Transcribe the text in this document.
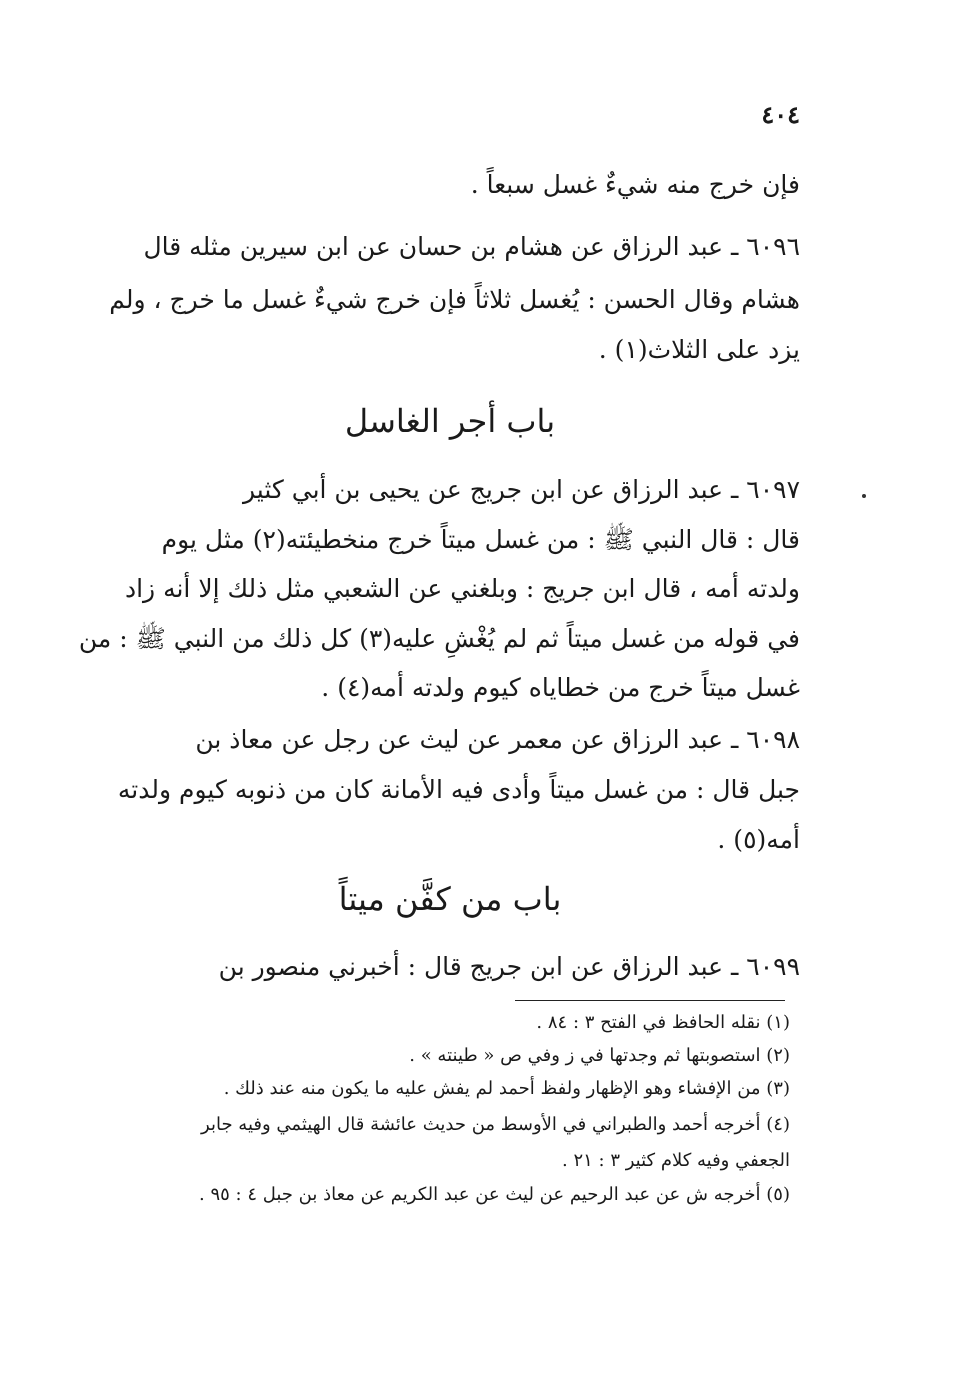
٤٠٤
فإن خرج منه شيءٌ غسل سبعاً .
٦٠٩٦ ـ عبد الرزاق عن هشام بن حسان عن ابن سيرين مثله قال
هشام وقال الحسن : يُغسل ثلاثاً فإن خرج شيءٌ غسل ما خرج ، ولم
يزد على الثلاث(١) .
باب أجر الغاسل
٦٠٩٧ ـ عبد الرزاق عن ابن جريج عن يحيى بن أبي كثير
قال : قال النبي ﷺ : من غسل ميتاً خرج منخطيئته(٢) مثل يوم
ولدته أمه ، قال ابن جريج : وبلغني عن الشعبي مثل ذلك إلا أنه زاد
في قوله من غسل ميتاً ثم لم يُغْشِ عليه(٣) كل ذلك من النبي ﷺ : من
غسل ميتاً خرج من خطاياه كيوم ولدته أمه(٤) .
٦٠٩٨ ـ عبد الرزاق عن معمر عن ليث عن رجل عن معاذ بن
جبل قال : من غسل ميتاً وأدى فيه الأمانة كان من ذنوبه كيوم ولدته
أمه(٥) .
باب من كفَّن ميتاً
٦٠٩٩ ـ عبد الرزاق عن ابن جريج قال : أخبرني منصور بن
(١) نقله الحافظ في الفتح ٣ : ٨٤ .
(٢) استصوبتها ثم وجدتها في ز وفي ص « طينته » .
(٣) من الإفشاء وهو الإظهار ولفظ أحمد لم يفش عليه ما يكون منه عند ذلك .
(٤) أخرجه أحمد والطبراني في الأوسط من حديث عائشة قال الهيثمي وفيه جابر
الجعفي وفيه كلام كثير ٣ : ٢١ .
(٥) أخرجه ش عن عبد الرحيم عن ليث عن عبد الكريم عن معاذ بن جبل ٤ : ٩٥ .
